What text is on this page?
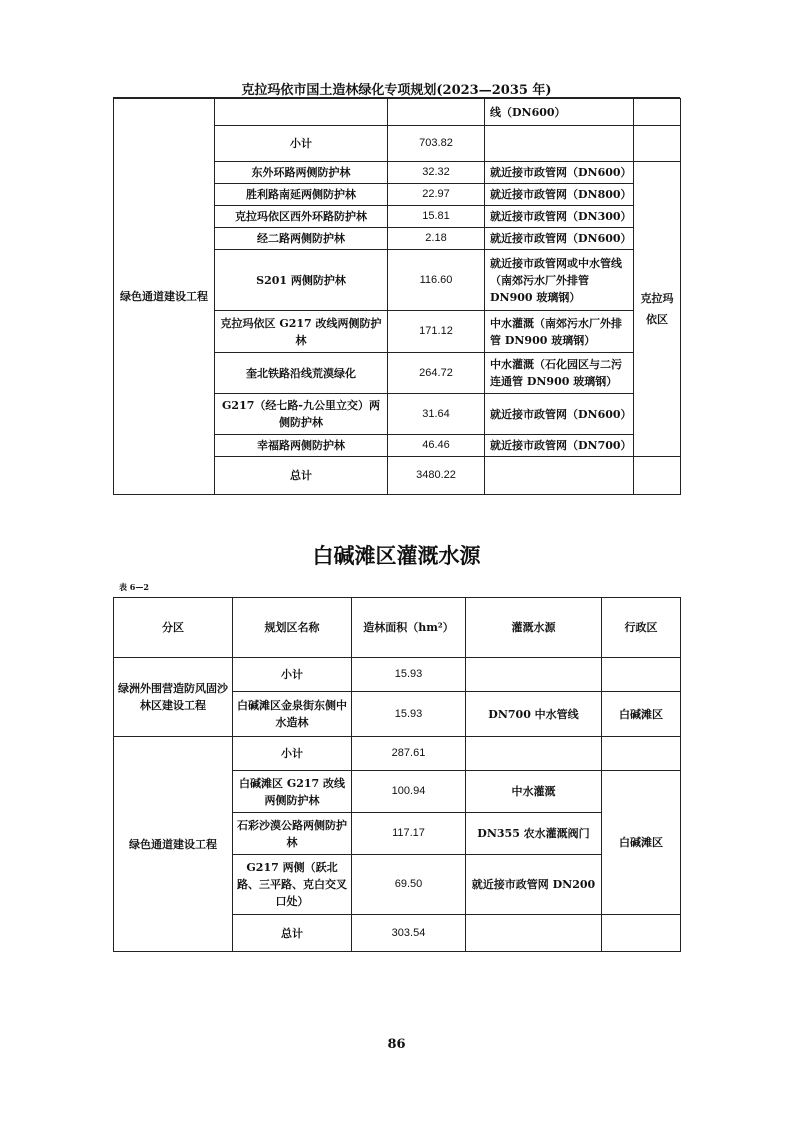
克拉玛依市国土造林绿化专项规划(2023—2035 年)
绿色通道建设工程			线（DN600）	
	小计	703.82		
	东外环路两侧防护林	32.32	就近接市政管网（DN600）	克拉玛依区

	胜利路南延两侧防护林	22.97	就近接市政管网（DN800）	
	克拉玛依区西外环路防护林	15.81	就近接市政管网（DN300）	
	经二路两侧防护林	2.18	就近接市政管网（DN600）	
	S201 两侧防护林	116.60	就近接市政管网或中水管线（南郊污水厂外排管DN900 玻璃钢）	
	克拉玛依区 G217 改线两侧防护林	171.12	中水灌溉（南郊污水厂外排管 DN900 玻璃钢）	
	奎北铁路沿线荒漠绿化	264.72	中水灌溉（石化园区与二污连通管 DN900 玻璃钢）	
	G217（经七路-九公里立交）两侧防护林	31.64	就近接市政管网（DN600）	
	幸福路两侧防护林	46.46	就近接市政管网（DN700）	
	总计	3480.22		
白碱滩区灌溉水源
表 6—2
分区	规划区名称	造林面积（hm²）	灌溉水源	行政区
绿洲外围营造防风固沙林区建设工程	小计	15.93		
	白碱滩区金泉街东侧中水造林	15.93	DN700 中水管线	白碱滩区
绿色通道建设工程	小计	287.61		
	白碱滩区 G217 改线两侧防护林	100.94	中水灌溉	白碱滩区
	石彩沙漠公路两侧防护林	117.17	DN355 农水灌溉阀门	
	G217 两侧（跃北路、三平路、克白交叉口处）	69.50	就近接市政管网 DN200	
	总计	303.54		
86
